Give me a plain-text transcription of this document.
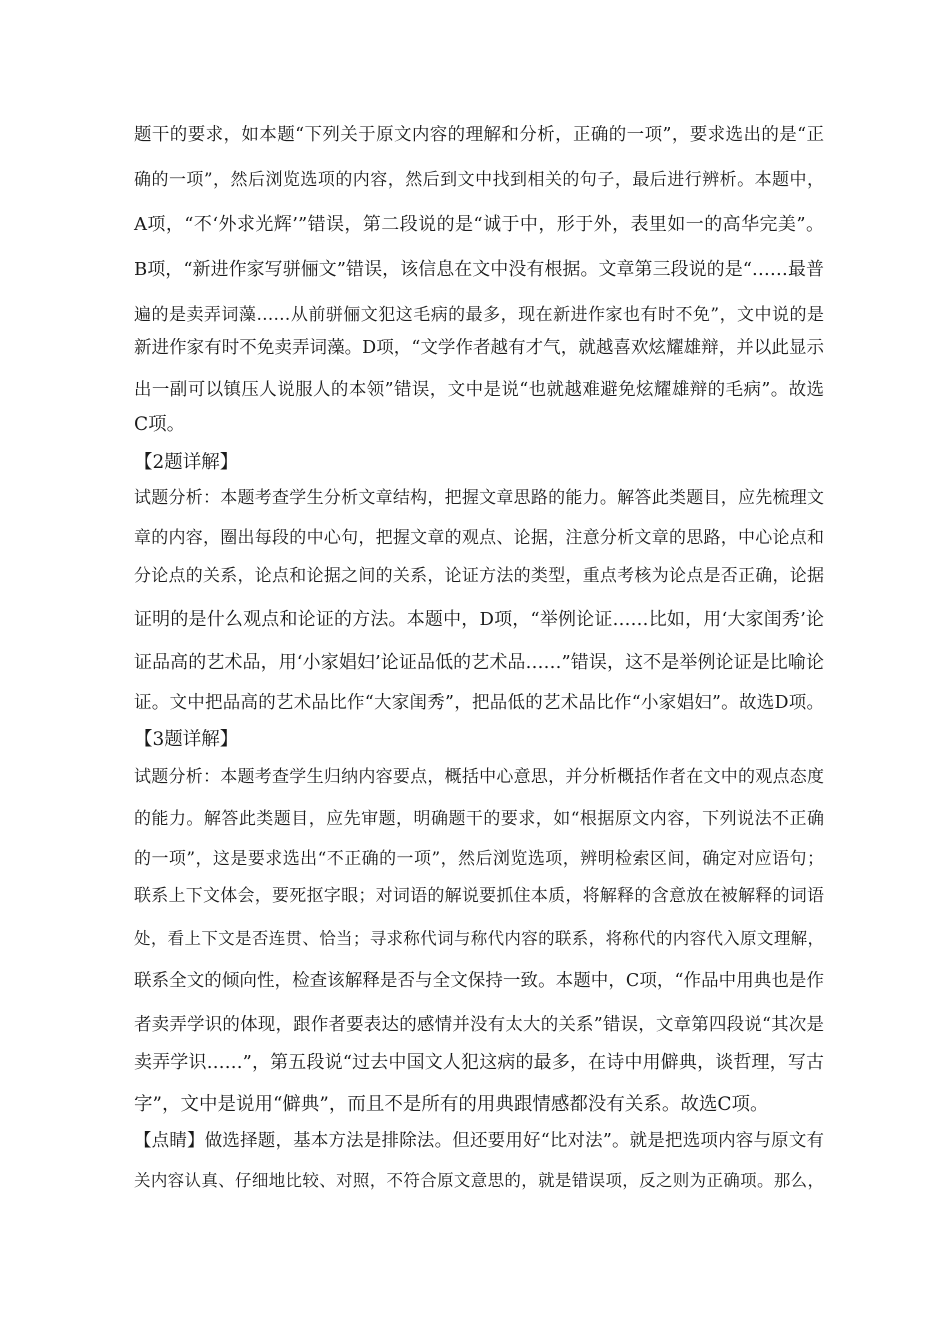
题干的要求，如本题“下列关于原文内容的理解和分析，正确的一项”，要求选出的是“正
确的一项”，然后浏览选项的内容，然后到文中找到相关的句子，最后进行辨析。本题中，
A项，“不‘外求光辉’”错误，第二段说的是“诚于中，形于外，表里如一的高华完美”。
B项，“新进作家写骈俪文”错误，该信息在文中没有根据。文章第三段说的是“……最普
遍的是卖弄词藻……从前骈俪文犯这毛病的最多，现在新进作家也有时不免”，文中说的是
新进作家有时不免卖弄词藻。D项，“文学作者越有才气，就越喜欢炫耀雄辩，并以此显示
出一副可以镇压人说服人的本领”错误，文中是说“也就越难避免炫耀雄辩的毛病”。故选
C项。
【2题详解】
试题分析：本题考查学生分析文章结构，把握文章思路的能力。解答此类题目，应先梳理文
章的内容，圈出每段的中心句，把握文章的观点、论据，注意分析文章的思路，中心论点和
分论点的关系，论点和论据之间的关系，论证方法的类型，重点考核为论点是否正确，论据
证明的是什么观点和论证的方法。本题中，D项，“举例论证……比如，用‘大家闺秀’论
证品高的艺术品，用‘小家娼妇’论证品低的艺术品……”错误，这不是举例论证是比喻论
证。文中把品高的艺术品比作“大家闺秀”，把品低的艺术品比作“小家娼妇”。故选D项。
【3题详解】
试题分析：本题考查学生归纳内容要点，概括中心意思，并分析概括作者在文中的观点态度
的能力。解答此类题目，应先审题，明确题干的要求，如“根据原文内容，下列说法不正确
的一项”，这是要求选出“不正确的一项”，然后浏览选项，辨明检索区间，确定对应语句；
联系上下文体会，要死抠字眼；对词语的解说要抓住本质，将解释的含意放在被解释的词语
处，看上下文是否连贯、恰当；寻求称代词与称代内容的联系，将称代的内容代入原文理解，
联系全文的倾向性，检查该解释是否与全文保持一致。本题中，C项，“作品中用典也是作
者卖弄学识的体现，跟作者要表达的感情并没有太大的关系”错误，文章第四段说“其次是
卖弄学识……”，第五段说“过去中国文人犯这病的最多，在诗中用僻典，谈哲理，写古
字”，文中是说用“僻典”，而且不是所有的用典跟情感都没有关系。故选C项。
【点睛】做选择题，基本方法是排除法。但还要用好“比对法”。就是把选项内容与原文有
关内容认真、仔细地比较、对照，不符合原文意思的，就是错误项，反之则为正确项。那么，
